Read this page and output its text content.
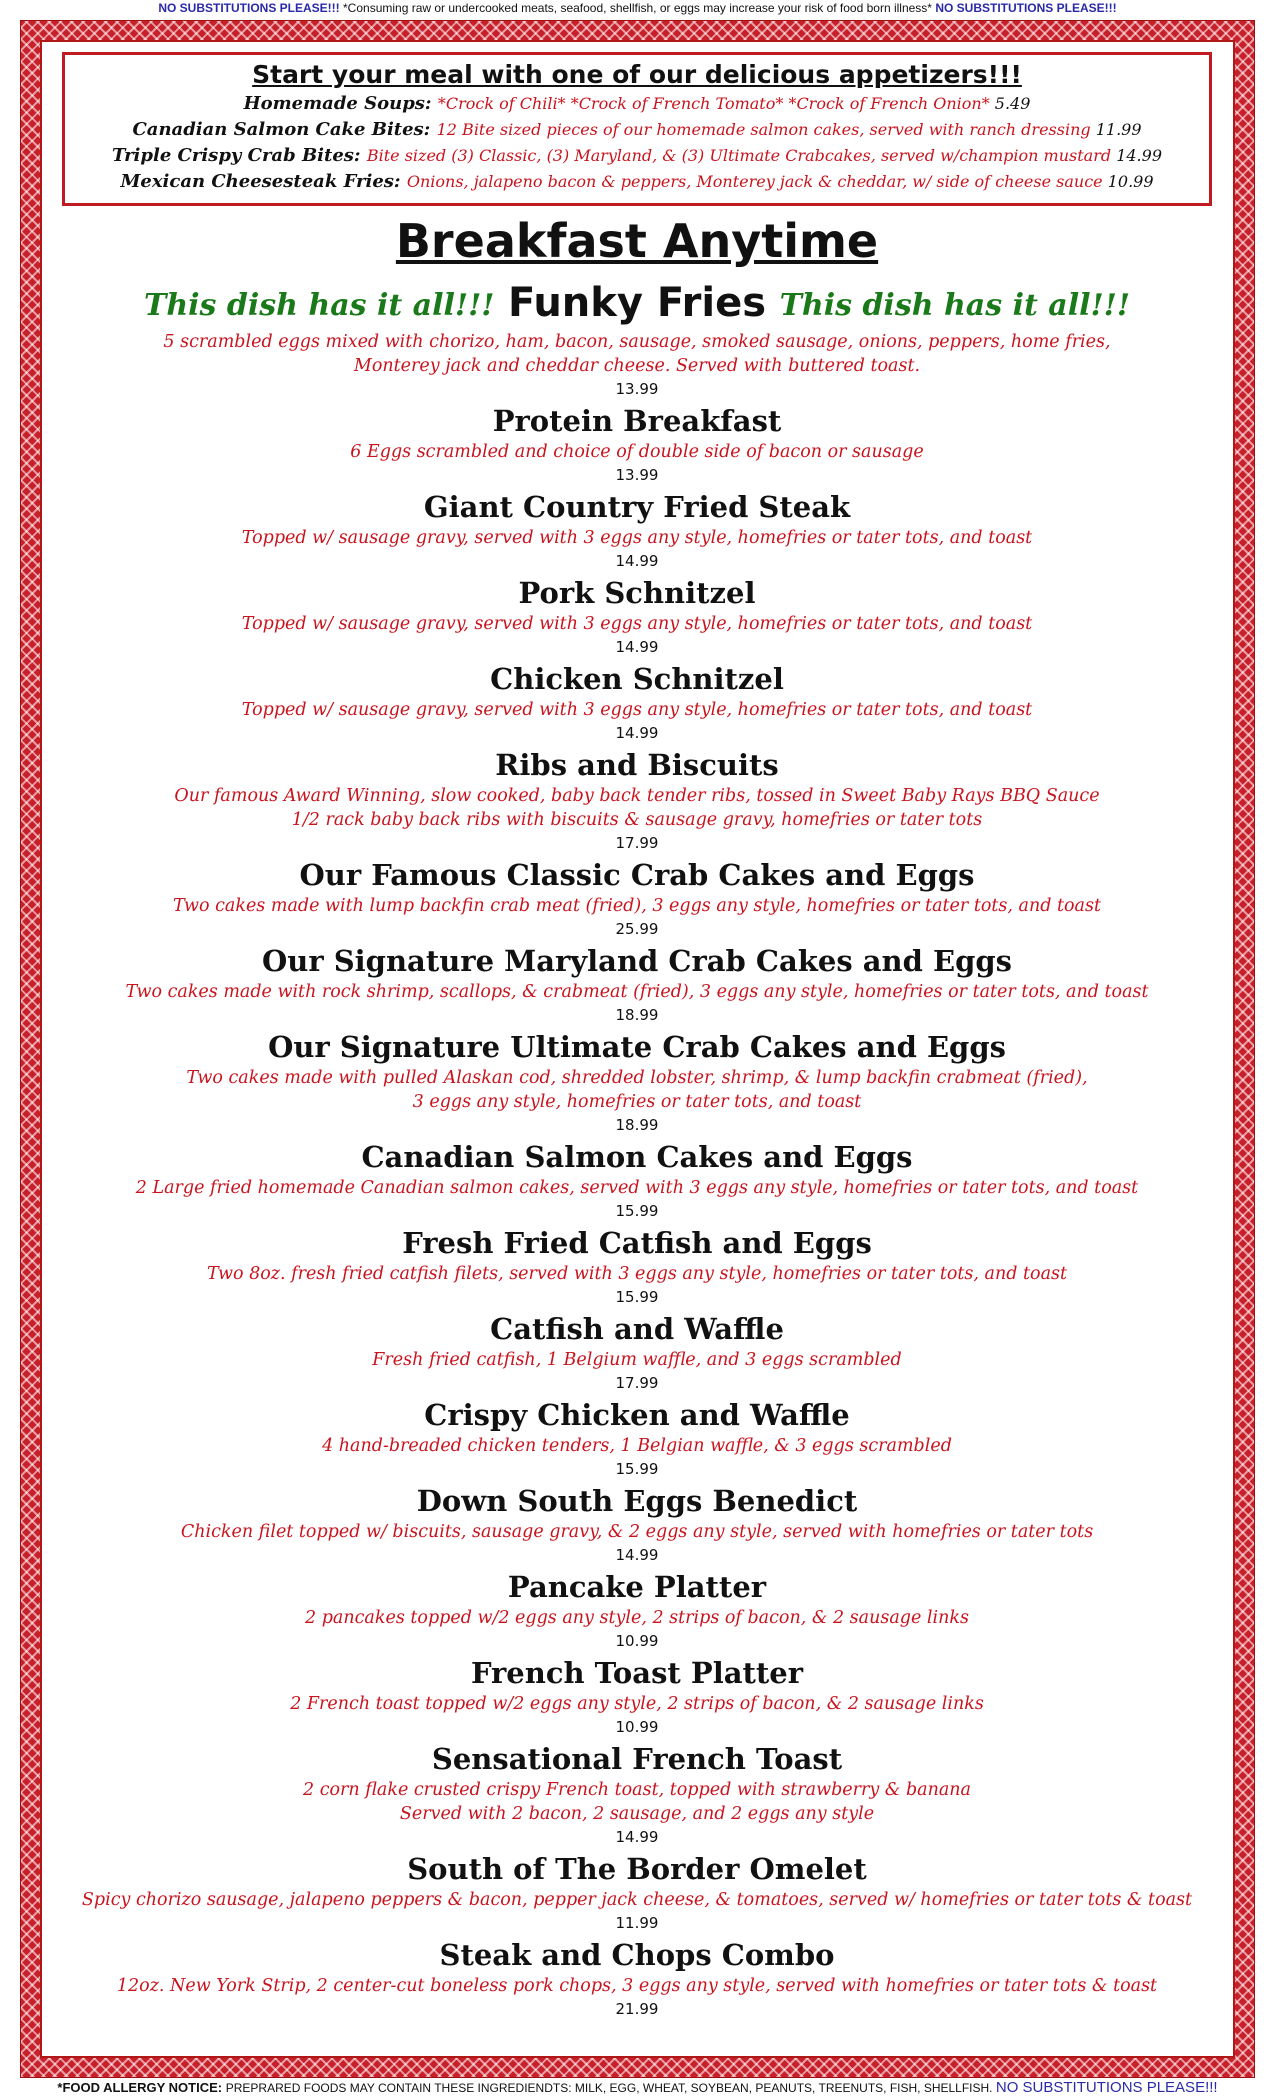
NO SUBSTITUTIONS PLEASE!!! *Consuming raw or undercooked meats, seafood, shellfish, or eggs may increase your risk of food born illness* NO SUBSTITUTIONS PLEASE!!!
Start your meal with one of our delicious appetizers!!!
Homemade Soups: *Crock of Chili* *Crock of French Tomato* *Crock of French Onion* 5.49
Canadian Salmon Cake Bites: 12 Bite sized pieces of our homemade salmon cakes, served with ranch dressing 11.99
Triple Crispy Crab Bites: Bite sized (3) Classic, (3) Maryland, & (3) Ultimate Crabcakes, served w/champion mustard 14.99
Mexican Cheesesteak Fries: Onions, jalapeno bacon & peppers, Monterey jack & cheddar, w/ side of cheese sauce 10.99
Breakfast Anytime
This dish has it all!!! Funky Fries This dish has it all!!!
5 scrambled eggs mixed with chorizo, ham, bacon, sausage, smoked sausage, onions, peppers, home fries,
Monterey jack and cheddar cheese. Served with buttered toast.
13.99
Protein Breakfast
6 Eggs scrambled and choice of double side of bacon or sausage
13.99
Giant Country Fried Steak
Topped w/ sausage gravy, served with 3 eggs any style, homefries or tater tots, and toast
14.99
Pork Schnitzel
Topped w/ sausage gravy, served with 3 eggs any style, homefries or tater tots, and toast
14.99
Chicken Schnitzel
Topped w/ sausage gravy, served with 3 eggs any style, homefries or tater tots, and toast
14.99
Ribs and Biscuits
Our famous Award Winning, slow cooked, baby back tender ribs, tossed in Sweet Baby Rays BBQ Sauce
1/2 rack baby back ribs with biscuits & sausage gravy, homefries or tater tots
17.99
Our Famous Classic Crab Cakes and Eggs
Two cakes made with lump backfin crab meat (fried), 3 eggs any style, homefries or tater tots, and toast
25.99
Our Signature Maryland Crab Cakes and Eggs
Two cakes made with rock shrimp, scallops, & crabmeat (fried), 3 eggs any style, homefries or tater tots, and toast
18.99
Our Signature Ultimate Crab Cakes and Eggs
Two cakes made with pulled Alaskan cod, shredded lobster, shrimp, & lump backfin crabmeat (fried),
3 eggs any style, homefries or tater tots, and toast
18.99
Canadian Salmon Cakes and Eggs
2 Large fried homemade Canadian salmon cakes, served with 3 eggs any style, homefries or tater tots, and toast
15.99
Fresh Fried Catfish and Eggs
Two 8oz. fresh fried catfish filets, served with 3 eggs any style, homefries or tater tots, and toast
15.99
Catfish and Waffle
Fresh fried catfish, 1 Belgium waffle, and 3 eggs scrambled
17.99
Crispy Chicken and Waffle
4 hand-breaded chicken tenders, 1 Belgian waffle, & 3 eggs scrambled
15.99
Down South Eggs Benedict
Chicken filet topped w/ biscuits, sausage gravy, & 2 eggs any style, served with homefries or tater tots
14.99
Pancake Platter
2 pancakes topped w/2 eggs any style, 2 strips of bacon, & 2 sausage links
10.99
French Toast Platter
2 French toast topped w/2 eggs any style, 2 strips of bacon, & 2 sausage links
10.99
Sensational French Toast
2 corn flake crusted crispy French toast, topped with strawberry & banana
Served with 2 bacon, 2 sausage, and 2 eggs any style
14.99
South of The Border Omelet
Spicy chorizo sausage, jalapeno peppers & bacon, pepper jack cheese, & tomatoes, served w/ homefries or tater tots & toast
11.99
Steak and Chops Combo
12oz. New York Strip, 2 center-cut boneless pork chops, 3 eggs any style, served with homefries or tater tots & toast
21.99
*FOOD ALLERGY NOTICE: PREPRARED FOODS MAY CONTAIN THESE INGREDIENDTS: MILK, EGG, WHEAT, SOYBEAN, PEANUTS, TREENUTS, FISH, SHELLFISH. NO SUBSTITUTIONS PLEASE!!!
